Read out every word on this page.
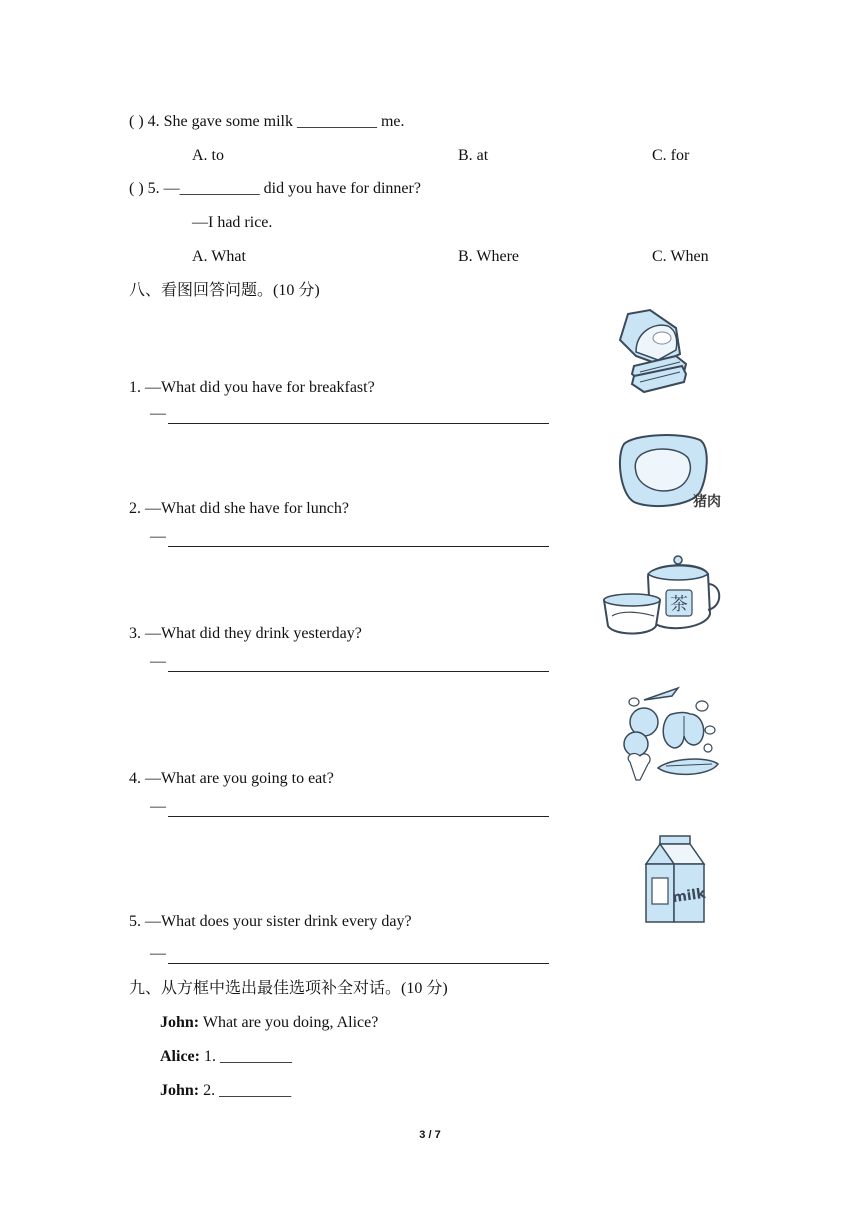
( ) 4. She gave some milk __________ me.
A. to	B. at	C. for
( ) 5. —__________ did you have for dinner?
—I had rice.
A. What	B. Where	C. When
八、看图回答问题。(10 分)
1. —What did you have for breakfast?
—
2. —What did she have for lunch?
—
3. —What did they drink yesterday?
—
4. —What are you going to eat?
—
5. —What does your sister drink every day?
—
猪肉
茶
milk
九、从方框中选出最佳选项补全对话。(10 分)
John: What are you doing, Alice?
Alice: 1. _________
John: 2. _________
3 / 7
